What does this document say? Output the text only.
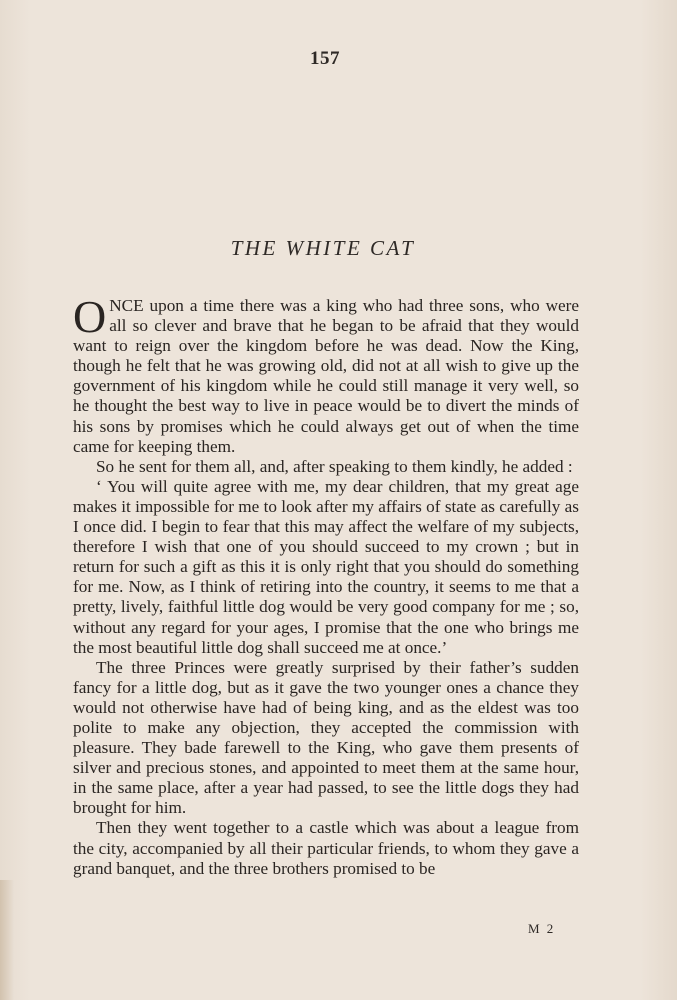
157
THE WHITE CAT

ONCE upon a time there was a king who had three sons, who were all so clever and brave that he began to be afraid that they would want to reign over the kingdom before he was dead. Now the King, though he felt that he was growing old, did not at all wish to give up the government of his kingdom while he could still manage it very well, so he thought the best way to live in peace would be to divert the minds of his sons by promises which he could always get out of when the time came for keeping them.

So he sent for them all, and, after speaking to them kindly, he added :

‘ You will quite agree with me, my dear children, that my great age makes it impossible for me to look after my affairs of state as carefully as I once did. I begin to fear that this may affect the welfare of my subjects, therefore I wish that one of you should succeed to my crown ; but in return for such a gift as this it is only right that you should do something for me. Now, as I think of retiring into the country, it seems to me that a pretty, lively, faithful little dog would be very good company for me ; so, without any regard for your ages, I promise that the one who brings me the most beautiful little dog shall succeed me at once.’

The three Princes were greatly surprised by their father’s sudden fancy for a little dog, but as it gave the two younger ones a chance they would not otherwise have had of being king, and as the eldest was too polite to make any objection, they accepted the commission with pleasure. They bade farewell to the King, who gave them presents of silver and precious stones, and appointed to meet them at the same hour, in the same place, after a year had passed, to see the little dogs they had brought for him.

Then they went together to a castle which was about a league from the city, accompanied by all their particular friends, to whom they gave a grand banquet, and the three brothers promised to be

M 2
